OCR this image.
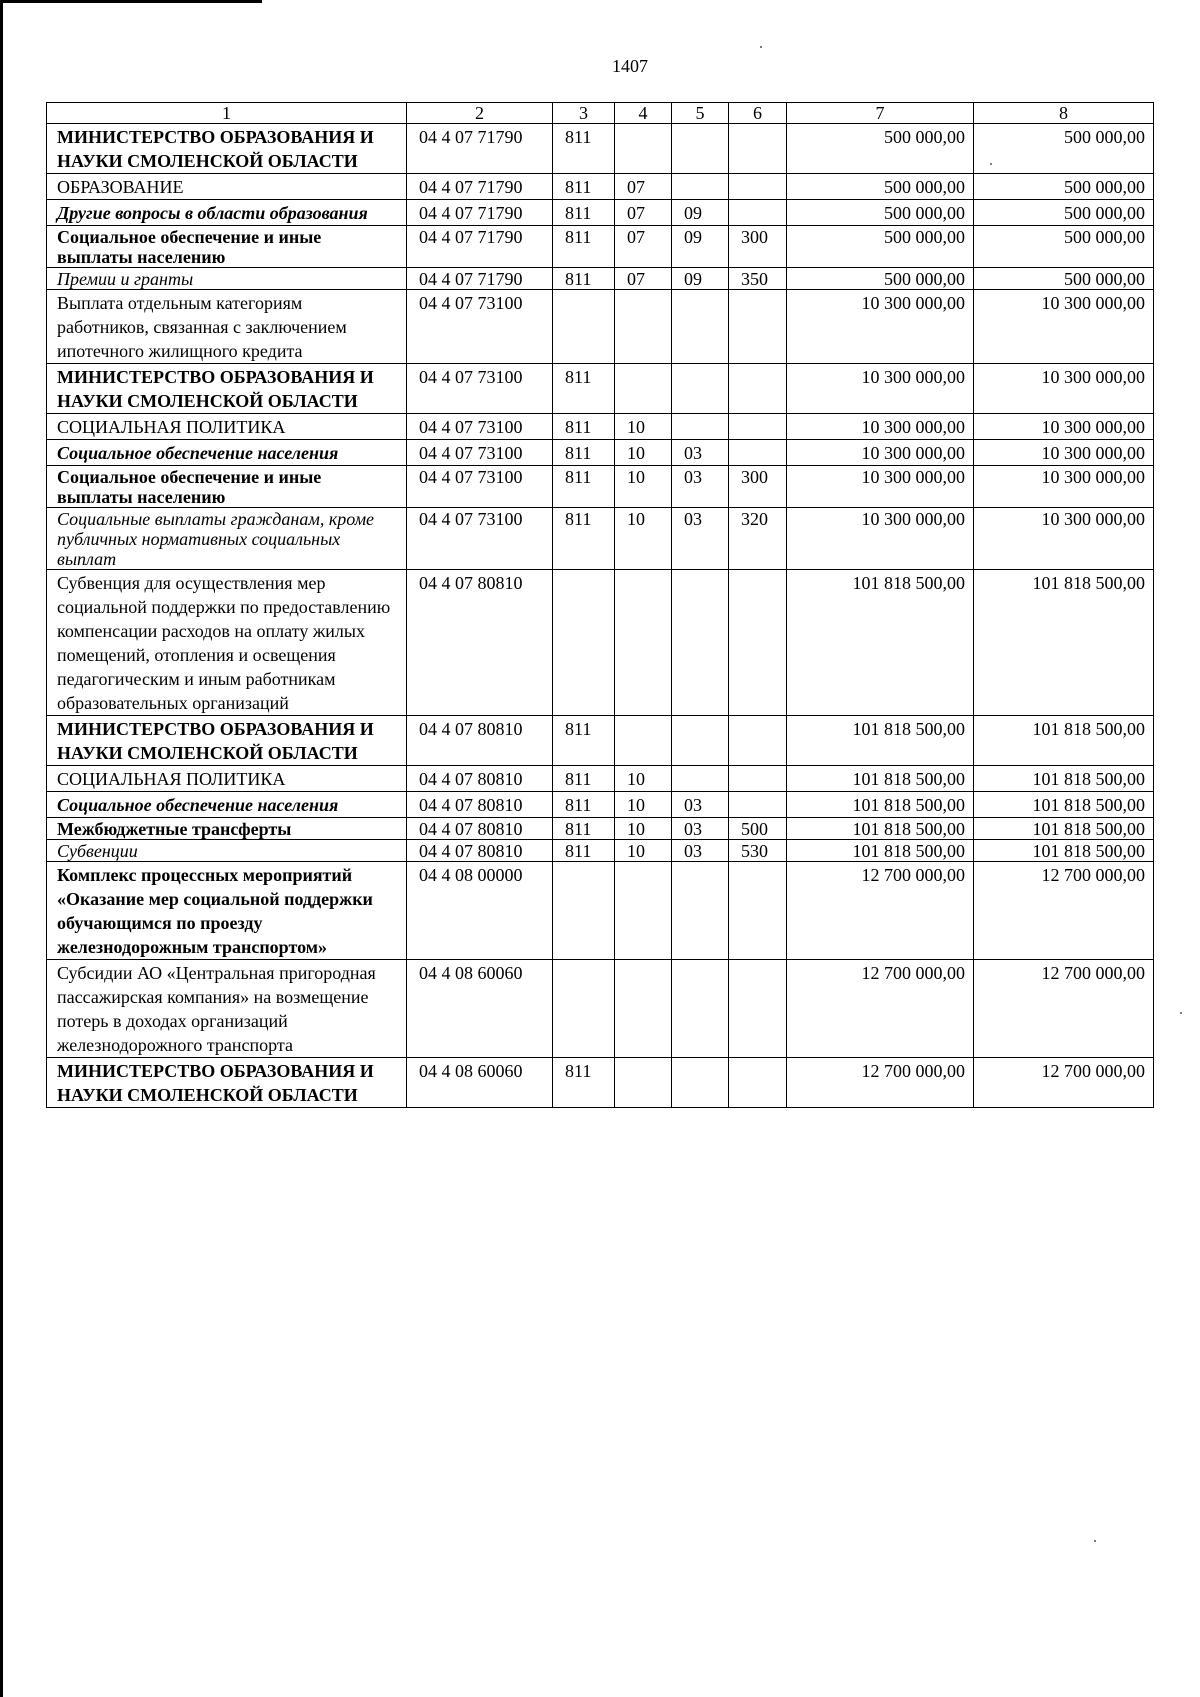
1407
1	2	3	4	5	6	7	8
МИНИСТЕРСТВО ОБРАЗОВАНИЯ И НАУКИ СМОЛЕНСКОЙ ОБЛАСТИ	04 4 07 71790	811				500 000,00	500 000,00
ОБРАЗОВАНИЕ	04 4 07 71790	811	07			500 000,00	500 000,00
Другие вопросы в области образования	04 4 07 71790	811	07	09		500 000,00	500 000,00
Социальное обеспечение и иные выплаты населению	04 4 07 71790	811	07	09	300	500 000,00	500 000,00
Премии и гранты	04 4 07 71790	811	07	09	350	500 000,00	500 000,00
Выплата отдельным категориям работников, связанная с заключением ипотечного жилищного кредита	04 4 07 73100					10 300 000,00	10 300 000,00
МИНИСТЕРСТВО ОБРАЗОВАНИЯ И НАУКИ СМОЛЕНСКОЙ ОБЛАСТИ	04 4 07 73100	811				10 300 000,00	10 300 000,00
СОЦИАЛЬНАЯ ПОЛИТИКА	04 4 07 73100	811	10			10 300 000,00	10 300 000,00
Социальное обеспечение населения	04 4 07 73100	811	10	03		10 300 000,00	10 300 000,00
Социальное обеспечение и иные выплаты населению	04 4 07 73100	811	10	03	300	10 300 000,00	10 300 000,00
Социальные выплаты гражданам, кроме публичных нормативных социальных выплат	04 4 07 73100	811	10	03	320	10 300 000,00	10 300 000,00
Субвенция для осуществления мер социальной поддержки по предоставлению компенсации расходов на оплату жилых помещений, отопления и освещения педагогическим и иным работникам образовательных организаций	04 4 07 80810					101 818 500,00	101 818 500,00
МИНИСТЕРСТВО ОБРАЗОВАНИЯ И НАУКИ СМОЛЕНСКОЙ ОБЛАСТИ	04 4 07 80810	811				101 818 500,00	101 818 500,00
СОЦИАЛЬНАЯ ПОЛИТИКА	04 4 07 80810	811	10			101 818 500,00	101 818 500,00
Социальное обеспечение населения	04 4 07 80810	811	10	03		101 818 500,00	101 818 500,00
Межбюджетные трансферты	04 4 07 80810	811	10	03	500	101 818 500,00	101 818 500,00
Субвенции	04 4 07 80810	811	10	03	530	101 818 500,00	101 818 500,00
Комплекс процессных мероприятий «Оказание мер социальной поддержки обучающимся по проезду железнодорожным транспортом»	04 4 08 00000					12 700 000,00	12 700 000,00
Субсидии АО «Центральная пригородная пассажирская компания» на возмещение потерь в доходах организаций железнодорожного транспорта	04 4 08 60060					12 700 000,00	12 700 000,00
МИНИСТЕРСТВО ОБРАЗОВАНИЯ И НАУКИ СМОЛЕНСКОЙ ОБЛАСТИ	04 4 08 60060	811				12 700 000,00	12 700 000,00
